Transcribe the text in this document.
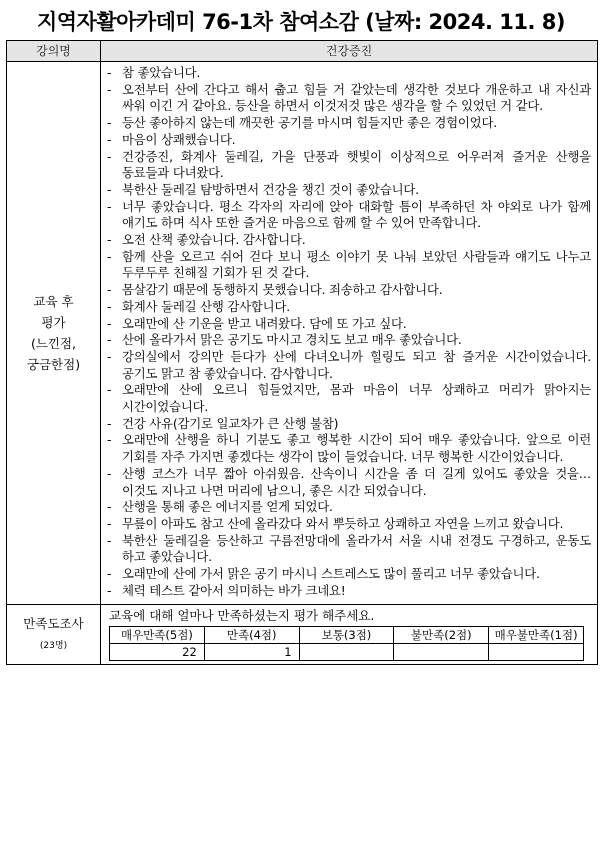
지역자활아카데미 76-1차 참여소감 (날짜: 2024. 11. 8)
강의명	건강증진

교육 후
평가
(느낀점,
궁금한점)

- 참 좋았습니다.
- 오전부터 산에 간다고 해서 춥고 힘들 거 같았는데 생각한 것보다 개운하고 내 자신과 싸워 이긴 거 같아요. 등산을 하면서 이것저것 많은 생각을 할 수 있었던 거 같다.
- 등산 좋아하지 않는데 깨끗한 공기를 마시며 힘들지만 좋은 경험이었다.
- 마음이 상쾌했습니다.
- 건강증진, 화계사 둘레길, 가을 단풍과 햇빛이 이상적으로 어우러져 즐거운 산행을 동료들과 다녀왔다.
- 북한산 둘레길 탐방하면서 건강을 챙긴 것이 좋았습니다.
- 너무 좋았습니다. 평소 각자의 자리에 앉아 대화할 틈이 부족하던 차 야외로 나가 함께 얘기도 하며 식사 또한 즐거운 마음으로 함께 할 수 있어 만족합니다.
- 오전 산책 좋았습니다. 감사합니다.
- 함께 산을 오르고 쉬어 걷다 보니 평소 이야기 못 나눠 보았던 사람들과 얘기도 나누고 두루두루 친해질 기회가 된 것 같다.
- 몸살감기 때문에 동행하지 못했습니다. 죄송하고 감사합니다.
- 화계사 둘레길 산행 감사합니다.
- 오래만에 산 기운을 받고 내려왔다. 담에 또 가고 싶다.
- 산에 올라가서 맑은 공기도 마시고 경치도 보고 매우 좋았습니다.
- 강의실에서 강의만 듣다가 산에 다녀오니까 힐링도 되고 참 즐거운 시간이었습니다. 공기도 맑고 참 좋았습니다. 감사합니다.
- 오래만에 산에 오르니 힘들었지만, 몸과 마음이 너무 상쾌하고 머리가 맑아지는 시간이었습니다.
- 건강 사유(감기로 일교차가 큰 산행 불참)
- 오래만에 산행을 하니 기분도 좋고 행복한 시간이 되어 매우 좋았습니다. 앞으로 이런 기회를 자주 가지면 좋겠다는 생각이 많이 들었습니다. 너무 행복한 시간이었습니다.
- 산행 코스가 너무 짧아 아쉬웠음. 산속이니 시간을 좀 더 길게 있어도 좋았을 것을…이것도 지나고 나면 머리에 남으니, 좋은 시간 되었습니다.
- 산행을 통해 좋은 에너지를 얻게 되었다.
- 무릎이 아파도 참고 산에 올라갔다 와서 뿌듯하고 상쾌하고 자연을 느끼고 왔습니다.
- 북한산 둘레길을 등산하고 구름전망대에 올라가서 서울 시내 전경도 구경하고, 운동도 하고 좋았습니다.
- 오래만에 산에 가서 맑은 공기 마시니 스트레스도 많이 풀리고 너무 좋았습니다.
- 체력 테스트 같아서 의미하는 바가 크네요!

만족도조사
(23명)

교육에 대해 얼마나 만족하셨는지 평가 해주세요.
매우만족(5점)	만족(4점)	보통(3점)	불만족(2점)	매우불만족(1점)
22	1			
